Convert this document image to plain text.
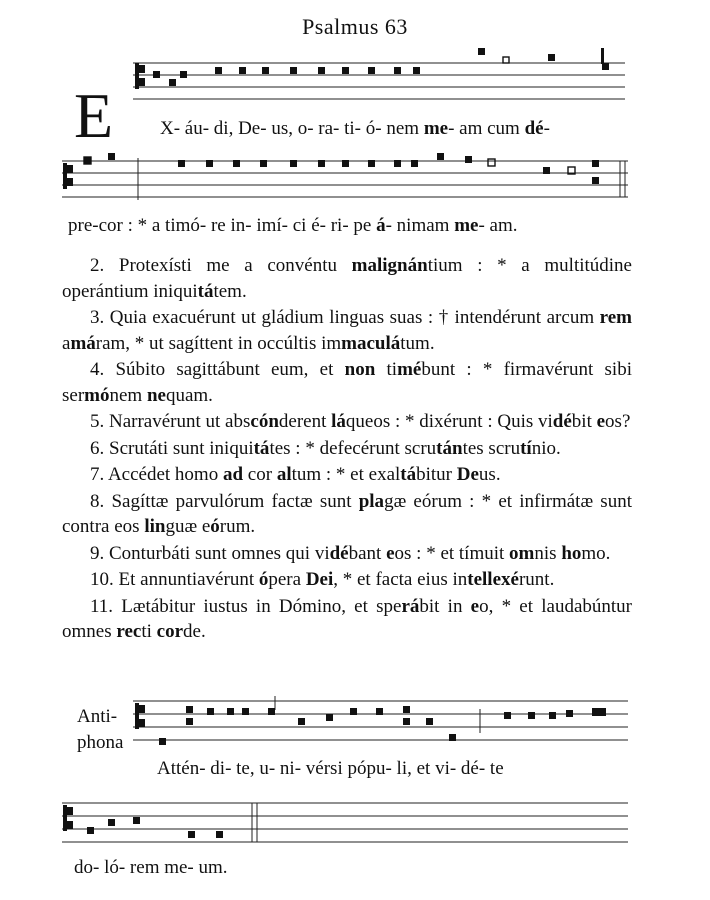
Psalmus 63
E X- áu- di, De- us, o- ra- ti- ó- nem me- am cum dé-
pre-cor : * a timó- re in- imí- ci é- ri- pe á- nimam me- am.

2. Protexísti me a convéntu malignántium : * a multitúdine operántium iniquitátem.

3. Quia exacuérunt ut gládium linguas suas : † intendérunt arcum rem amáram, * ut sagíttent in occúltis immaculátum.

4. Súbito sagittábunt eum, et non timébunt : * firmavérunt sibi sermónem nequam.

5. Narravérunt ut abscónderent láqueos : * dixérunt : Quis vidébit eos?

6. Scrutáti sunt iniquitátes : * defecérunt scrutántes scrutínio.

7. Accédet homo ad cor altum : * et exaltábitur Deus.

8. Sagíttæ parvulórum factæ sunt plagæ eórum : * et infirmátæ sunt contra eos linguæ eórum.

9. Conturbáti sunt omnes qui vidébant eos : * et tímuit omnis homo.

10. Et annuntiavérunt ópera Dei, * et facta eius intellexérunt.

11. Lætábitur iustus in Dómino, et sperábit in eo, * et laudabúntur omnes recti corde.

Anti-
phona
Attén- di- te, u- ni- vérsi pópu- li, et vi- dé- te
do- ló- rem me- um.
